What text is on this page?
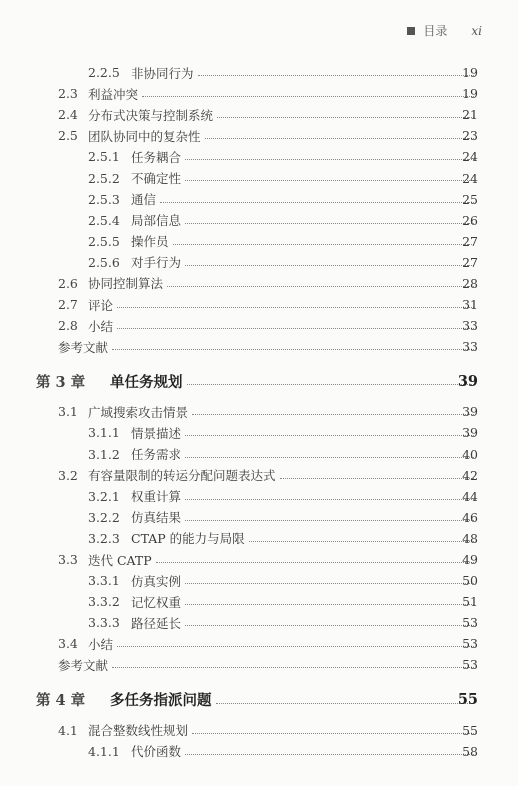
目录 xi
2.2.5 非协同行为	19
2.3 利益冲突	19
2.4 分布式决策与控制系统	21
2.5 团队协同中的复杂性	23
2.5.1 任务耦合	24
2.5.2 不确定性	24
2.5.3 通信	25
2.5.4 局部信息	26
2.5.5 操作员	27
2.5.6 对手行为	27
2.6 协同控制算法	28
2.7 评论	31
2.8 小结	33
参考文献	33
第 3 章 单任务规划	39
3.1 广域搜索攻击情景	39
3.1.1 情景描述	39
3.1.2 任务需求	40
3.2 有容量限制的转运分配问题表达式	42
3.2.1 权重计算	44
3.2.2 仿真结果	46
3.2.3 CTAP 的能力与局限	48
3.3 迭代 CATP	49
3.3.1 仿真实例	50
3.3.2 记忆权重	51
3.3.3 路径延长	53
3.4 小结	53
参考文献	53
第 4 章 多任务指派问题	55
4.1 混合整数线性规划	55
4.1.1 代价函数	58
